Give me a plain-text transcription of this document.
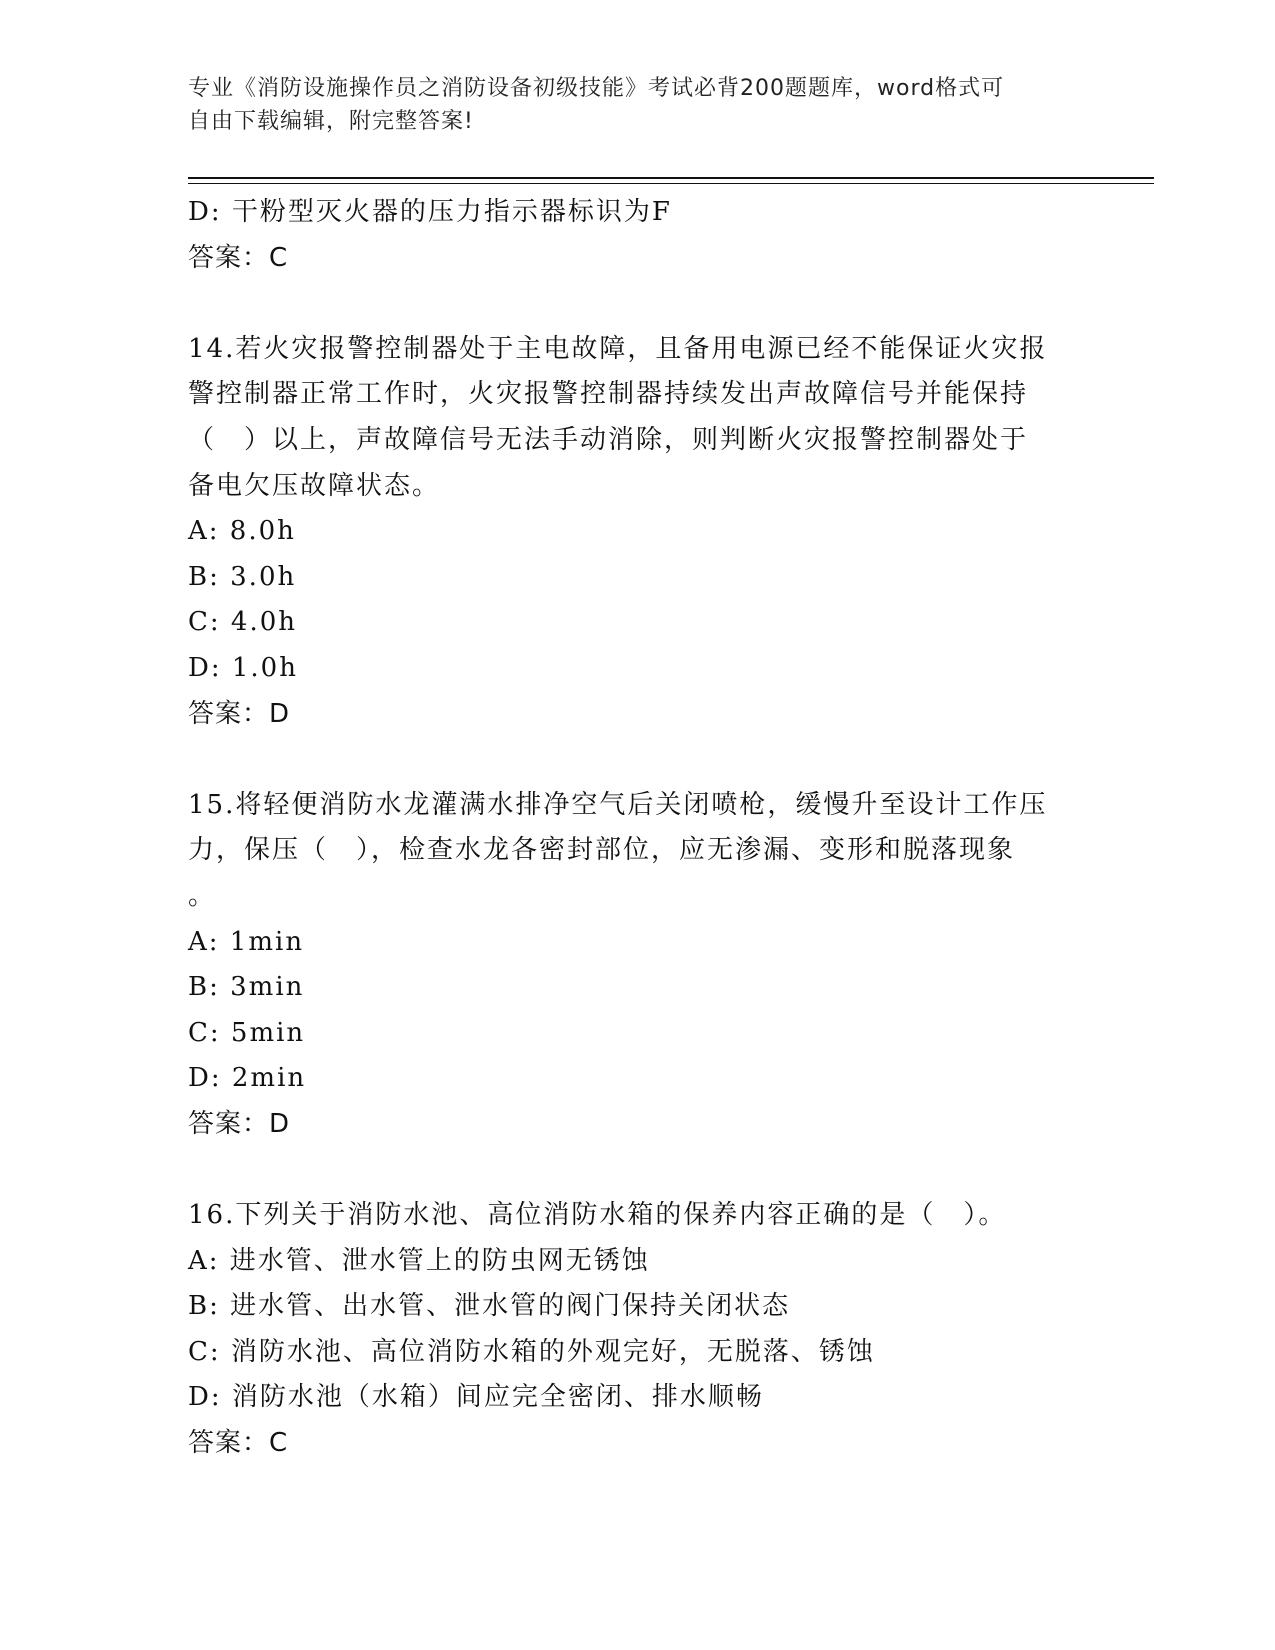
专业《消防设施操作员之消防设备初级技能》考试必背200题题库，word格式可
自由下载编辑，附完整答案!
D: 干粉型灭火器的压力指示器标识为F
答案：C
14.若火灾报警控制器处于主电故障，且备用电源已经不能保证火灾报
警控制器正常工作时，火灾报警控制器持续发出声故障信号并能保持
（　）以上，声故障信号无法手动消除，则判断火灾报警控制器处于
备电欠压故障状态。
A: 8.0h
B: 3.0h
C: 4.0h
D: 1.0h
答案：D
15.将轻便消防水龙灌满水排净空气后关闭喷枪，缓慢升至设计工作压
力，保压（　），检查水龙各密封部位，应无渗漏、变形和脱落现象
。
A: 1min
B: 3min
C: 5min
D: 2min
答案：D
16.下列关于消防水池、高位消防水箱的保养内容正确的是（　）。
A: 进水管、泄水管上的防虫网无锈蚀
B: 进水管、出水管、泄水管的阀门保持关闭状态
C: 消防水池、高位消防水箱的外观完好，无脱落、锈蚀
D: 消防水池（水箱）间应完全密闭、排水顺畅
答案：C
